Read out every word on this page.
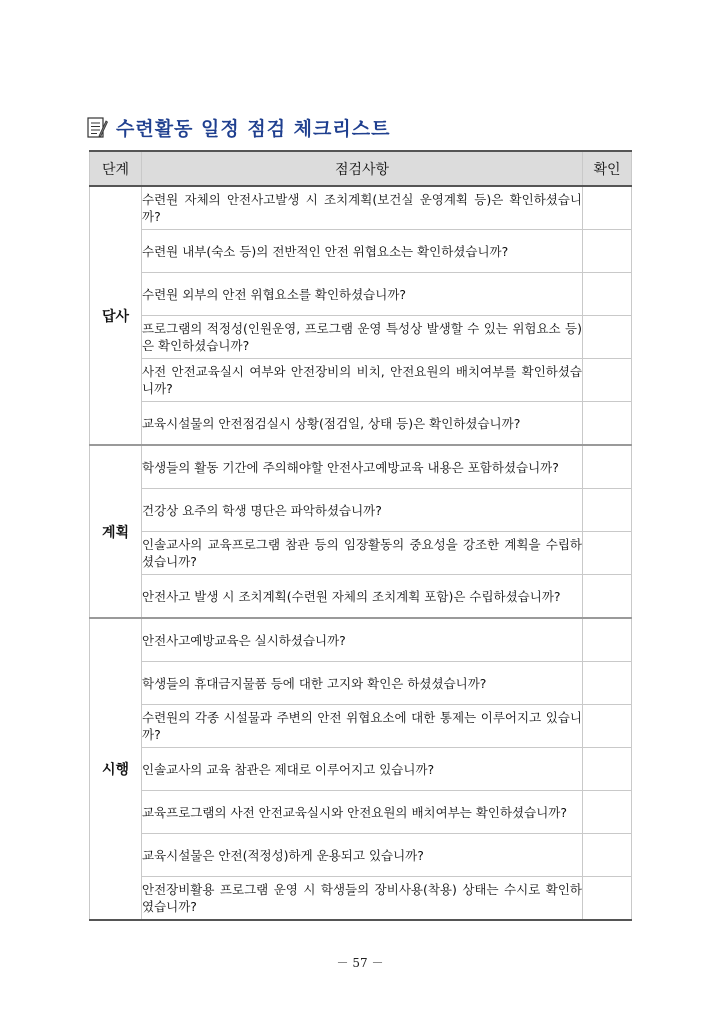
수련활동 일정 점검 체크리스트
단계	점검사항	확인
답사	수련원 자체의 안전사고발생 시 조치계획(보건실 운영계획 등)은 확인하셨습니까?	
	수련원 내부(숙소 등)의 전반적인 안전 위협요소는 확인하셨습니까?	
	수련원 외부의 안전 위협요소를 확인하셨습니까?	
	프로그램의 적정성(인원운영, 프로그램 운영 특성상 발생할 수 있는 위험요소 등)은 확인하셨습니까?	
	사전 안전교육실시 여부와 안전장비의 비치, 안전요원의 배치여부를 확인하셨습니까?	
	교육시설물의 안전점검실시 상황(점검일, 상태 등)은 확인하셨습니까?	
계획	학생들의 활동 기간에 주의해야할 안전사고예방교육 내용은 포함하셨습니까?	
	건강상 요주의 학생 명단은 파악하셨습니까?	
	인솔교사의 교육프로그램 참관 등의 임장활동의 중요성을 강조한 계획을 수립하셨습니까?	
	안전사고 발생 시 조치계획(수련원 자체의 조치계획 포함)은 수립하셨습니까?	
시행	안전사고예방교육은 실시하셨습니까?	
	학생들의 휴대금지물품 등에 대한 고지와 확인은 하셨셨습니까?	
	수련원의 각종 시설물과 주변의 안전 위협요소에 대한 통제는 이루어지고 있습니까?	
	인솔교사의 교육 참관은 제대로 이루어지고 있습니까?	
	교육프로그램의 사전 안전교육실시와 안전요원의 배치여부는 확인하셨습니까?	
	교육시설물은 안전(적정성)하게 운용되고 있습니까?	
	안전장비활용 프로그램 운영 시 학생들의 장비사용(착용) 상태는 수시로 확인하였습니까?	
－ 57 －
